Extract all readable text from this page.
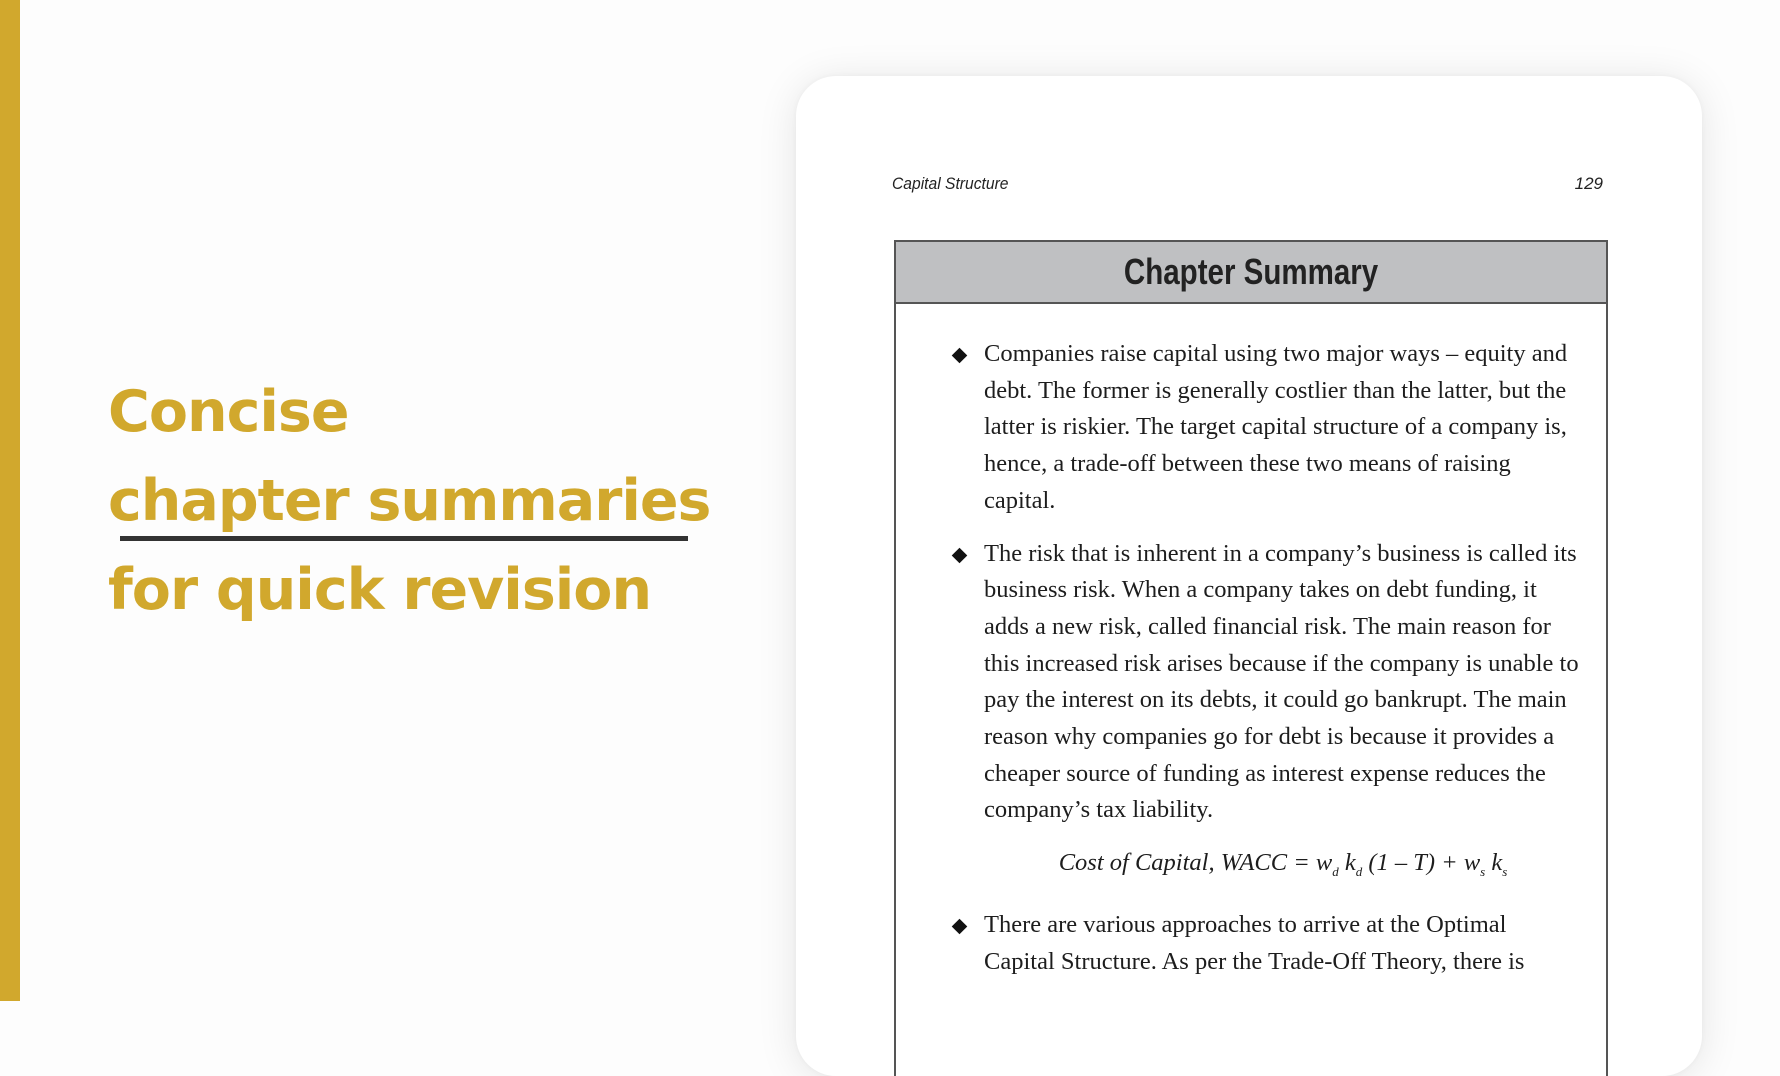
Concise
chapter summaries
for quick revision
Capital Structure	129
Chapter Summary
Companies raise capital using two major ways – equity and debt. The former is generally costlier than the latter, but the latter is riskier. The target capital structure of a company is, hence, a trade-off between these two means of raising capital.
The risk that is inherent in a company’s business is called its business risk. When a company takes on debt funding, it adds a new risk, called financial risk. The main reason for this increased risk arises because if the company is unable to pay the interest on its debts, it could go bankrupt. The main reason why companies go for debt is because it provides a cheaper source of funding as interest expense reduces the company’s tax liability.
Cost of Capital, WACC = $w_d$ $k_d$ $(1 - T) + w_s$ $k_s$
There are various approaches to arrive at the Optimal Capital Structure. As per the Trade-Off Theory, there is
